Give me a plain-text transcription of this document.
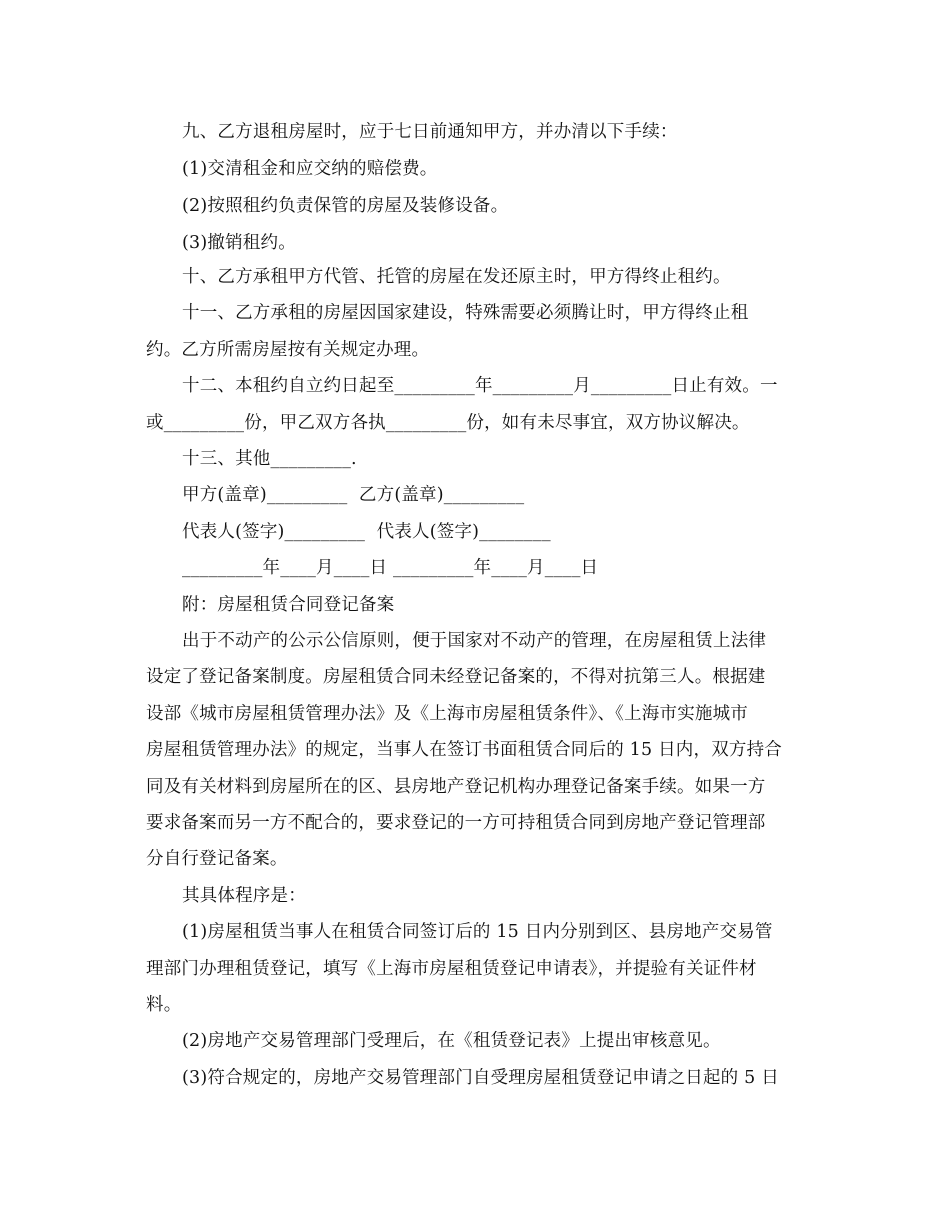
九、乙方退租房屋时，应于七日前通知甲方，并办清以下手续：
(1)交清租金和应交纳的赔偿费。
(2)按照租约负责保管的房屋及装修设备。
(3)撤销租约。
十、乙方承租甲方代管、托管的房屋在发还原主时，甲方得终止租约。
十一、乙方承租的房屋因国家建设，特殊需要必须腾让时，甲方得终止租
约。乙方所需房屋按有关规定办理。
十二、本租约自立约日起至_________年_________月_________日止有效。一
或_________份，甲乙双方各执_________份，如有未尽事宜，双方协议解决。
十三、其他_________.
甲方(盖章)_________  乙方(盖章)_________
代表人(签字)_________  代表人(签字)________
_________年____月____日 _________年____月____日
附：房屋租赁合同登记备案
出于不动产的公示公信原则，便于国家对不动产的管理，在房屋租赁上法律
设定了登记备案制度。房屋租赁合同未经登记备案的，不得对抗第三人。根据建
设部《城市房屋租赁管理办法》及《上海市房屋租赁条件》、《上海市实施城市
房屋租赁管理办法》的规定，当事人在签订书面租赁合同后的 15 日内，双方持合
同及有关材料到房屋所在的区、县房地产登记机构办理登记备案手续。如果一方
要求备案而另一方不配合的，要求登记的一方可持租赁合同到房地产登记管理部
分自行登记备案。
其具体程序是：
(1)房屋租赁当事人在租赁合同签订后的 15 日内分别到区、县房地产交易管
理部门办理租赁登记，填写《上海市房屋租赁登记申请表》，并提验有关证件材
料。
(2)房地产交易管理部门受理后，在《租赁登记表》上提出审核意见。
(3)符合规定的，房地产交易管理部门自受理房屋租赁登记申请之日起的 5 日
